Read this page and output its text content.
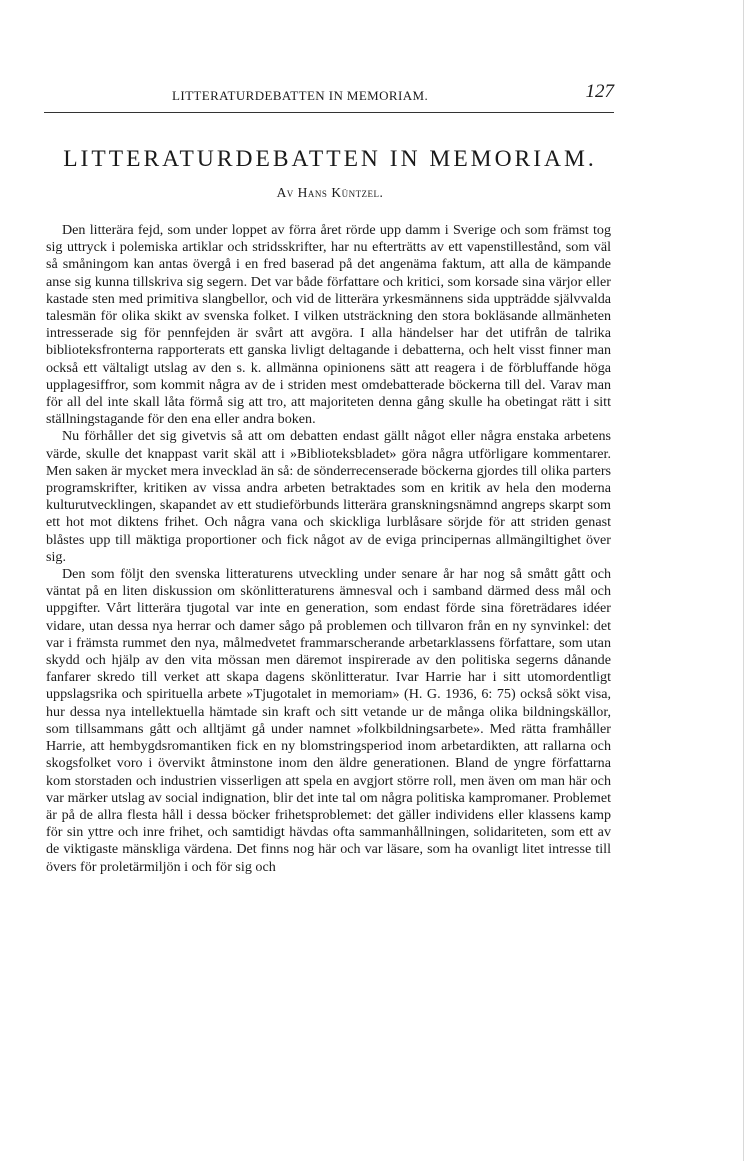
LITTERATURDEBATTEN IN MEMORIAM.	127
LITTERATURDEBATTEN IN MEMORIAM.
Av Hans Küntzel.

Den litterära fejd, som under loppet av förra året rörde upp damm i Sverige och som främst tog sig uttryck i polemiska artiklar och stridsskrifter, har nu efterträtts av ett vapenstillestånd, som väl så småningom kan antas övergå i en fred baserad på det angenäma faktum, att alla de kämpande anse sig kunna tillskriva sig segern. Det var både författare och kritici, som korsade sina värjor eller kastade sten med primitiva slangbellor, och vid de litterära yrkesmännens sida uppträdde självvalda talesmän för olika skikt av svenska folket. I vilken utsträckning den stora bokläsande allmänheten intresserade sig för pennfejden är svårt att avgöra. I alla händelser har det utifrån de talrika biblioteksfronterna rapporterats ett ganska livligt deltagande i debatterna, och helt visst finner man också ett vältaligt utslag av den s. k. allmänna opinionens sätt att reagera i de förbluffande höga upplagesiffror, som kommit några av de i striden mest omdebatterade böckerna till del. Varav man för all del inte skall låta förmå sig att tro, att majoriteten denna gång skulle ha obetingat rätt i sitt ställningstagande för den ena eller andra boken.

Nu förhåller det sig givetvis så att om debatten endast gällt något eller några enstaka arbetens värde, skulle det knappast varit skäl att i »Biblioteksbladet» göra några utförligare kommentarer. Men saken är mycket mera invecklad än så: de sönderrecenserade böckerna gjordes till olika parters programskrifter, kritiken av vissa andra arbeten betraktades som en kritik av hela den moderna kulturutvecklingen, skapandet av ett studieförbunds litterära granskningsnämnd angreps skarpt som ett hot mot diktens frihet. Och några vana och skickliga lurblåsare sörjde för att striden genast blåstes upp till mäktiga proportioner och fick något av de eviga principernas allmängiltighet över sig.

Den som följt den svenska litteraturens utveckling under senare år har nog så smått gått och väntat på en liten diskussion om skönlitteraturens ämnesval och i samband därmed dess mål och uppgifter. Vårt litterära tjugotal var inte en generation, som endast förde sina företrädares idéer vidare, utan dessa nya herrar och damer sågo på problemen och tillvaron från en ny synvinkel: det var i främsta rummet den nya, målmedvetet frammarscherande arbetarklassens författare, som utan skydd och hjälp av den vita mössan men däremot inspirerade av den politiska segerns dånande fanfarer skredo till verket att skapa dagens skönlitteratur. Ivar Harrie har i sitt utomordentligt uppslagsrika och spirituella arbete »Tjugotalet in memoriam» (H. G. 1936, 6: 75) också sökt visa, hur dessa nya intellektuella hämtade sin kraft och sitt vetande ur de många olika bildningskällor, som tillsammans gått och alltjämt gå under namnet »folkbildningsarbete». Med rätta framhåller Harrie, att hembygdsromantiken fick en ny blomstringsperiod inom arbetardikten, att rallarna och skogsfolket voro i övervikt åtminstone inom den äldre generationen. Bland de yngre författarna kom storstaden och industrien visserligen att spela en avgjort större roll, men även om man här och var märker utslag av social indignation, blir det inte tal om några politiska kampromaner. Problemet är på de allra flesta håll i dessa böcker frihetsproblemet: det gäller individens eller klassens kamp för sin yttre och inre frihet, och samtidigt hävdas ofta sammanhållningen, solidariteten, som ett av de viktigaste mänskliga värdena. Det finns nog här och var läsare, som ha ovanligt litet intresse till övers för proletärmiljön i och för sig och
